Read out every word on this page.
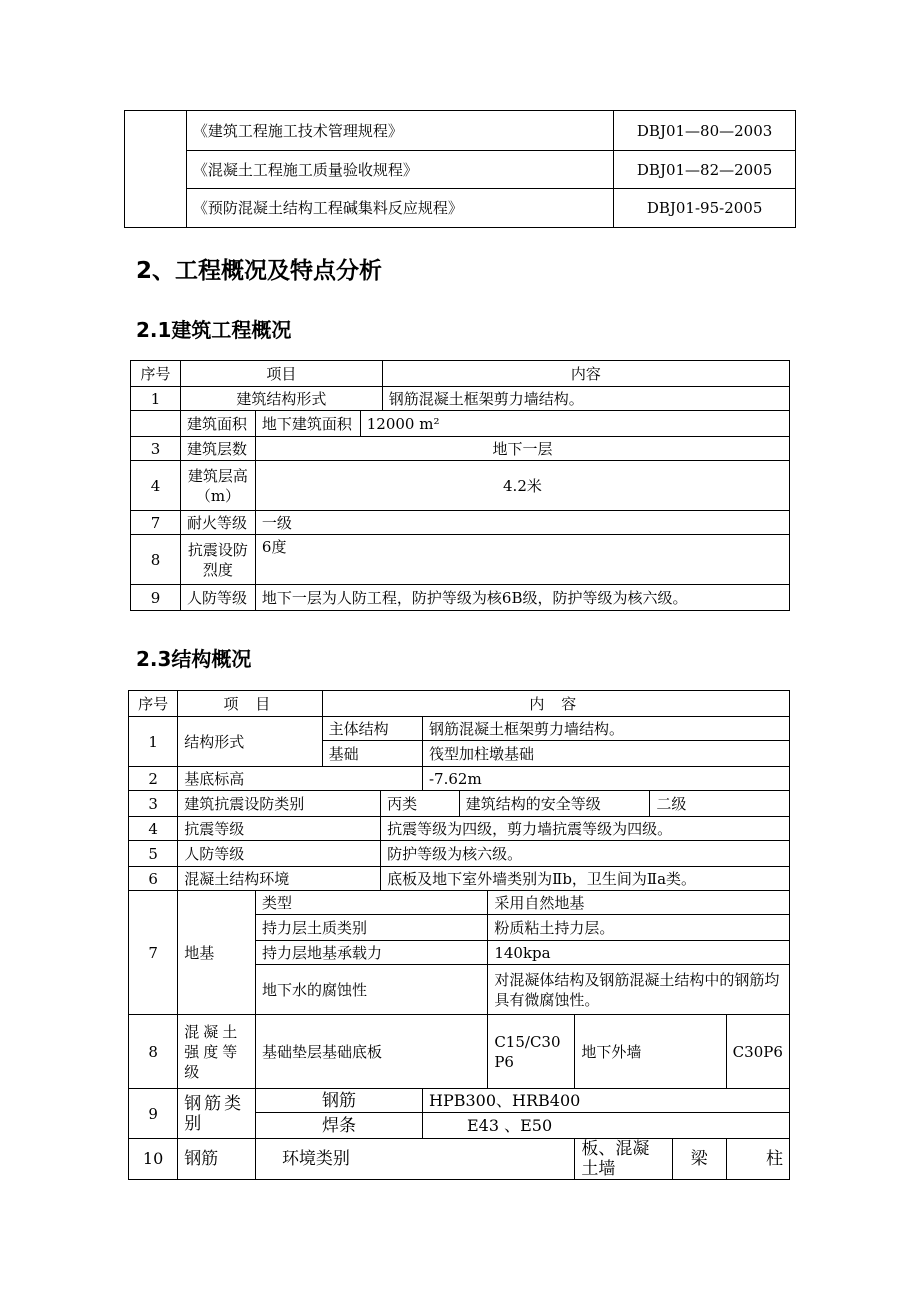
	《建筑工程施工技术管理规程》	DBJ01—80—2003
	《混凝土工程施工质量验收规程》	DBJ01—82—2005
	《预防混凝土结构工程碱集料反应规程》	DBJ01-95-2005
2、工程概况及特点分析
2.1建筑工程概况
序号	项目			内容
1	建筑结构形式			钢筋混凝土框架剪力墙结构。
	建筑面积	地下建筑面积	12000 m²	
3	建筑层数	地下一层		
4	建筑层高（m）	4.2米		
7	耐火等级	一级		
8	抗震设防烈度	6度		
9	人防等级	地下一层为人防工程，防护等级为核6B级，防护等级为核六级。		
2.3结构概况
序号	项 目		内 容								
1	结构形式		主体结构		钢筋混凝土框架剪力墙结构。						
			基础		筏型加柱墩基础						
2	基底标高				-7.62m						
3	建筑抗震设防类别			丙类		建筑结构的安全等级			二级		
4	抗震等级			抗震等级为四级，剪力墙抗震等级为四级。							
5	人防等级			防护等级为核六级。							
6	混凝土结构环境			底板及地下室外墙类别为Ⅱb，卫生间为Ⅱa类。							
7	地基	类型					采用自然地基				
		持力层土质类别					粉质粘土持力层。				
		持力层地基承载力					140kpa				
		地下水的腐蚀性					对混凝体结构及钢筋混凝土结构中的钢筋均具有微腐蚀性。				
8	混凝土强度等级	基础垫层基础底板					C15/C30P6	地下外墙			C30P6
9	钢筋类别	钢筋			HPB300、HRB400						
		焊条			E43 、E50						
10	钢筋	环境类别						板、混凝土墙		梁	柱
